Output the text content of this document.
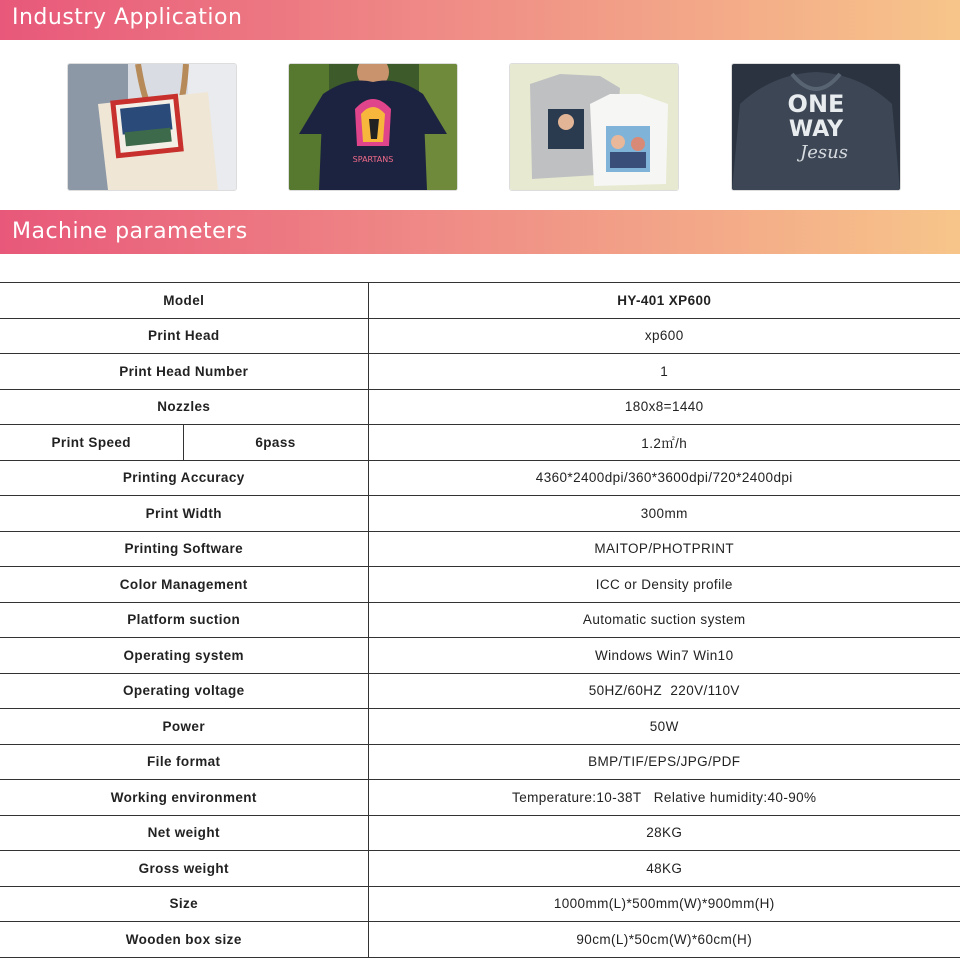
Industry Application
SPARTANS
ONE
WAY
Jesus
Machine parameters
Model		HY-401 XP600
Print Head		xp600
Print Head Number		1
Nozzles		180x8=1440
Print Speed	6pass	1.2㎡/h
Printing Accuracy		4360*2400dpi/360*3600dpi/720*2400dpi
Print Width		300mm
Printing Software		MAITOP/PHOTPRINT
Color Management		ICC or Density profile
Platform suction		Automatic suction system
Operating system		Windows Win7 Win10
Operating voltage		50HZ/60HZ  220V/110V
Power		50W
File format		BMP/TIF/EPS/JPG/PDF
Working environment		Temperature:10-38T   Relative humidity:40-90%
Net weight		28KG
Gross weight		48KG
Size		1000mm(L)*500mm(W)*900mm(H)
Wooden box size		90cm(L)*50cm(W)*60cm(H)
